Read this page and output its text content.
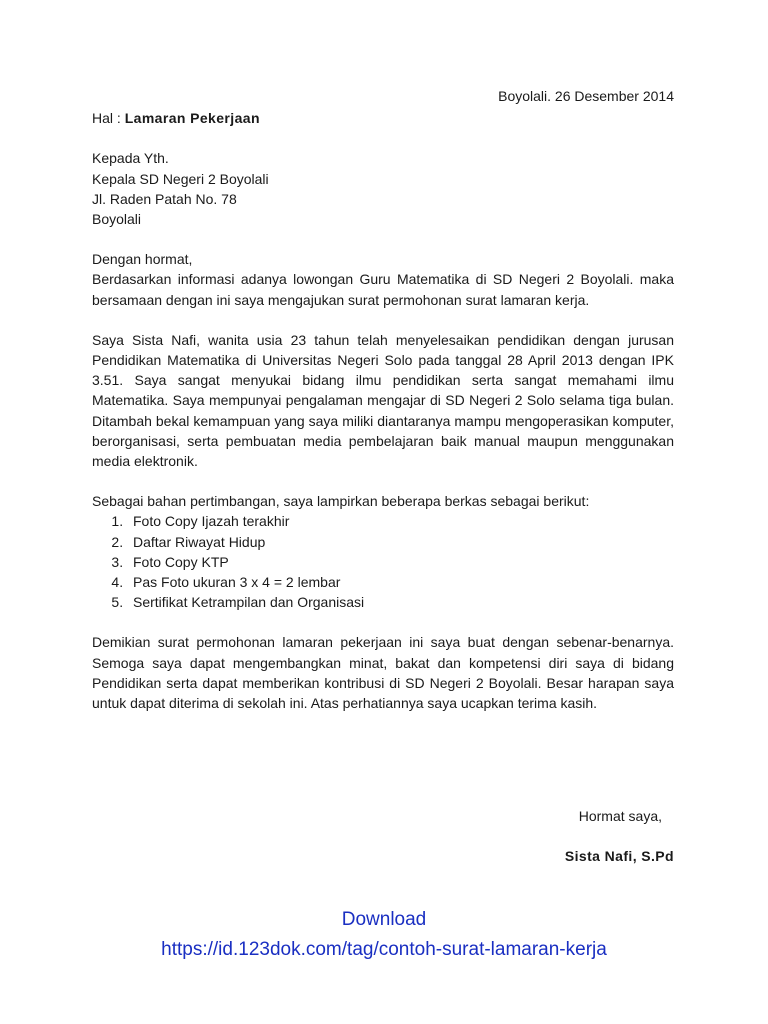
Boyolali. 26 Desember 2014
Hal : Lamaran Pekerjaan
Kepada Yth.
Kepala SD Negeri 2 Boyolali
Jl. Raden Patah No. 78
Boyolali
Dengan hormat,

Berdasarkan informasi adanya lowongan Guru Matematika di SD Negeri 2 Boyolali. maka bersamaan dengan ini saya mengajukan surat permohonan surat lamaran kerja.

Saya Sista Nafi, wanita usia 23 tahun telah menyelesaikan pendidikan dengan jurusan Pendidikan Matematika di Universitas Negeri Solo pada tanggal 28 April 2013 dengan IPK 3.51. Saya sangat menyukai bidang ilmu pendidikan serta sangat memahami ilmu Matematika. Saya mempunyai pengalaman mengajar di SD Negeri 2 Solo selama tiga bulan. Ditambah bekal kemampuan yang saya miliki diantaranya mampu mengoperasikan komputer, berorganisasi, serta pembuatan media pembelajaran baik manual maupun menggunakan media elektronik.

Sebagai bahan pertimbangan, saya lampirkan beberapa berkas sebagai berikut:

1. Foto Copy Ijazah terakhir
2. Daftar Riwayat Hidup
3. Foto Copy KTP
4. Pas Foto ukuran 3 x 4 = 2 lembar
5. Sertifikat Ketrampilan dan Organisasi

Demikian surat permohonan lamaran pekerjaan ini saya buat dengan sebenar-benarnya. Semoga saya dapat mengembangkan minat, bakat dan kompetensi diri saya di bidang Pendidikan serta dapat memberikan kontribusi di SD Negeri 2 Boyolali. Besar harapan saya untuk dapat diterima di sekolah ini. Atas perhatiannya saya ucapkan terima kasih.

Hormat saya,
Sista Nafi, S.Pd
Download
https://id.123dok.com/tag/contoh-surat-lamaran-kerja
